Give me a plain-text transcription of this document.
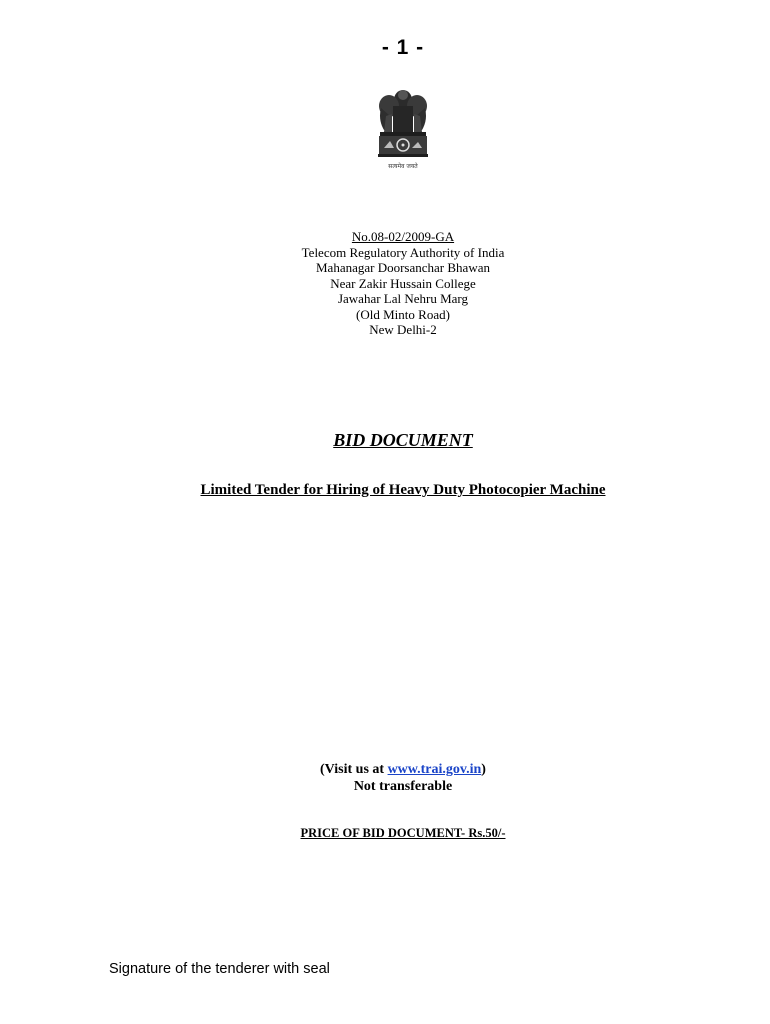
- 1 -
सत्यमेव जयते
No.08-02/2009-GA
Telecom Regulatory Authority of India
Mahanagar Doorsanchar Bhawan
Near Zakir Hussain College
Jawahar Lal Nehru Marg
(Old Minto Road)
New Delhi-2
BID DOCUMENT
Limited Tender for Hiring of Heavy Duty Photocopier Machine
(Visit us at www.trai.gov.in)
Not transferable
PRICE OF BID DOCUMENT- Rs.50/-
Signature of the tenderer with seal
